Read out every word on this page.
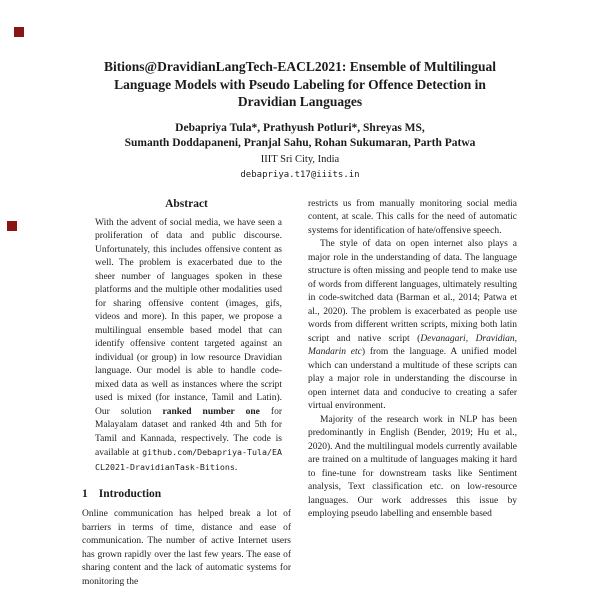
Bitions@DravidianLangTech-EACL2021: Ensemble of Multilingual Language Models with Pseudo Labeling for Offence Detection in Dravidian Languages
Debapriya Tula*, Prathyush Potluri*, Shreyas MS,
Sumanth Doddapaneni, Pranjal Sahu, Rohan Sukumaran, Parth Patwa
IIIT Sri City, India
debapriya.t17@iiits.in
Abstract

With the advent of social media, we have seen a proliferation of data and public discourse. Unfortunately, this includes offensive content as well. The problem is exacerbated due to the sheer number of languages spoken in these platforms and the multiple other modalities used for sharing offensive content (images, gifs, videos and more). In this paper, we propose a multilingual ensemble based model that can identify offensive content targeted against an individual (or group) in low resource Dravidian language. Our model is able to handle code-mixed data as well as instances where the script used is mixed (for instance, Tamil and Latin). Our solution ranked number one for Malayalam dataset and ranked 4th and 5th for Tamil and Kannada, respectively. The code is available at github.com/Debapriya-Tula/EACL2021-DravidianTask-Bitions.

1 Introduction

Online communication has helped break a lot of barriers in terms of time, distance and ease of communication. The number of active Internet users has grown rapidly over the last few years. The ease of sharing content and the lack of automatic systems for monitoring the

restricts us from manually monitoring social media content, at scale. This calls for the need of automatic systems for identification of hate/offensive speech.

The style of data on open internet also plays a major role in the understanding of data. The language structure is often missing and people tend to make use of words from different languages, ultimately resulting in code-switched data (Barman et al., 2014; Patwa et al., 2020). The problem is exacerbated as people use words from different written scripts, mixing both latin script and native script (Devanagari, Dravidian, Mandarin etc) from the language. A unified model which can understand a multitude of these scripts can play a major role in understanding the discourse in open internet data and conducive to creating a safer virtual environment.

Majority of the research work in NLP has been predominantly in English (Bender, 2019; Hu et al., 2020). And the multilingual models currently available are trained on a multitude of languages making it hard to fine-tune for downstream tasks like Sentiment analysis, Text classification etc. on low-resource languages. Our work addresses this issue by employing pseudo labelling and ensemble based
